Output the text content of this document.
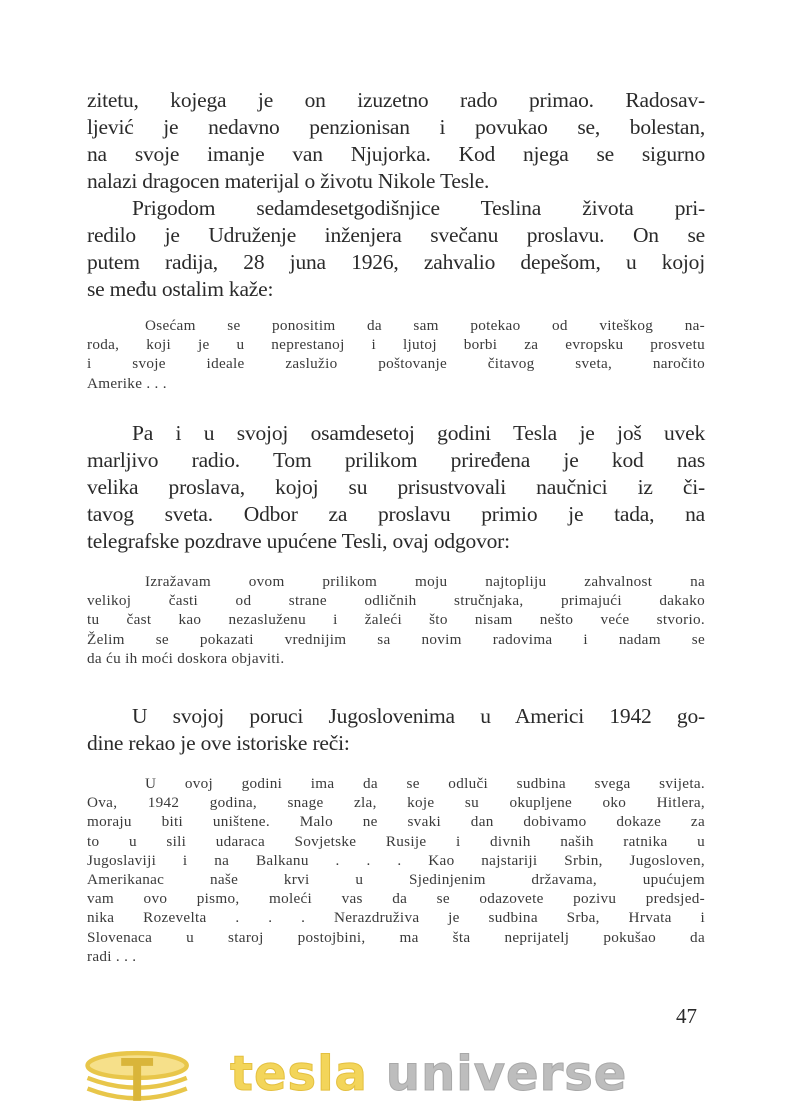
zitetu, kojega je on izuzetno rado primao. Radosav-
ljević je nedavno penzionisan i povukao se, bolestan,
na svoje imanje van Njujorka. Kod njega se sigurno
nalazi dragocen materijal o životu Nikole Tesle.
Prigodom sedamdesetgodišnjice Teslina života pri-
redilo je Udruženje inženjera svečanu proslavu. On se
putem radija, 28 juna 1926, zahvalio depešom, u kojoj
se među ostalim kaže:
Osećam se ponositim da sam potekao od viteškog na-
roda, koji je u neprestanoj i ljutoj borbi za evropsku prosvetu
i svoje ideale zaslužio poštovanje čitavog sveta, naročito
Amerike . . .
Pa i u svojoj osamdesetoj godini Tesla je još uvek
marljivo radio. Tom prilikom priređena je kod nas
velika proslava, kojoj su prisustvovali naučnici iz či-
tavog sveta. Odbor za proslavu primio je tada, na
telegrafske pozdrave upućene Tesli, ovaj odgovor:
Izražavam ovom prilikom moju najtopliju zahvalnost na
velikoj časti od strane odličnih stručnjaka, primajući dakako
tu čast kao nezasluženu i žaleći što nisam nešto veće stvorio.
Želim se pokazati vrednijim sa novim radovima i nadam se
da ću ih moći doskora objaviti.
U svojoj poruci Jugoslovenima u Americi 1942 go-
dine rekao je ove istoriske reči:
U ovoj godini ima da se odluči sudbina svega svijeta.
Ova, 1942 godina, snage zla, koje su okupljene oko Hitlera,
moraju biti uništene. Malo ne svaki dan dobivamo dokaze za
to u sili udaraca Sovjetske Rusije i divnih naših ratnika u
Jugoslaviji i na Balkanu . . . Kao najstariji Srbin, Jugosloven,
Amerikanac naše krvi u Sjedinjenim državama, upućujem
vam ovo pismo, moleći vas da se odazovete pozivu predsjed-
nika Rozevelta . . . Nerazdruživa je sudbina Srba, Hrvata i
Slovenaca u staroj postojbini, ma šta neprijatelj pokušao da
radi . . .
tesla universe
47
